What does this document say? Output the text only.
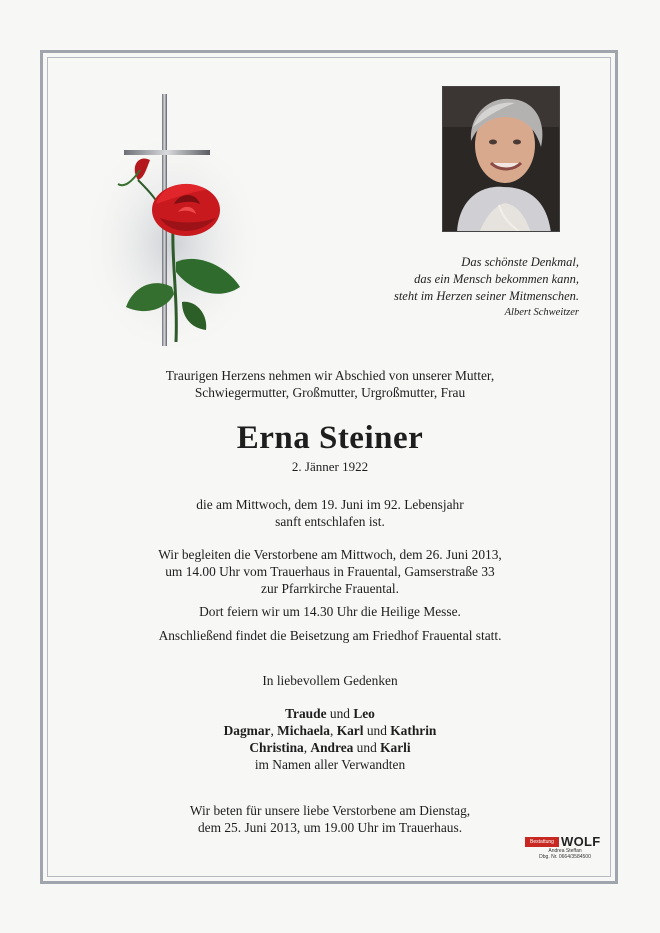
Das schönste Denkmal,
das ein Mensch bekommen kann,
steht im Herzen seiner Mitmenschen.
Albert Schweitzer
Traurigen Herzens nehmen wir Abschied von unserer Mutter,
Schwiegermutter, Großmutter, Urgroßmutter, Frau
Erna Steiner
2. Jänner 1922
die am Mittwoch, dem 19. Juni im 92. Lebensjahr
sanft entschlafen ist.
Wir begleiten die Verstorbene am Mittwoch, dem 26. Juni 2013,
um 14.00 Uhr vom Trauerhaus in Frauental, Gamserstraße 33
zur Pfarrkirche Frauental.
Dort feiern wir um 14.30 Uhr die Heilige Messe.
Anschließend findet die Beisetzung am Friedhof Frauental statt.
In liebevollem Gedenken
Traude und Leo
Dagmar, Michaela, Karl und Kathrin
Christina, Andrea und Karli
im Namen aller Verwandten
Wir beten für unsere liebe Verstorbene am Dienstag,
dem 25. Juni 2013, um 19.00 Uhr im Trauerhaus.
Bestattung WOLF
Andrea Steffan
Dbg. Nr. 0664/3584500
